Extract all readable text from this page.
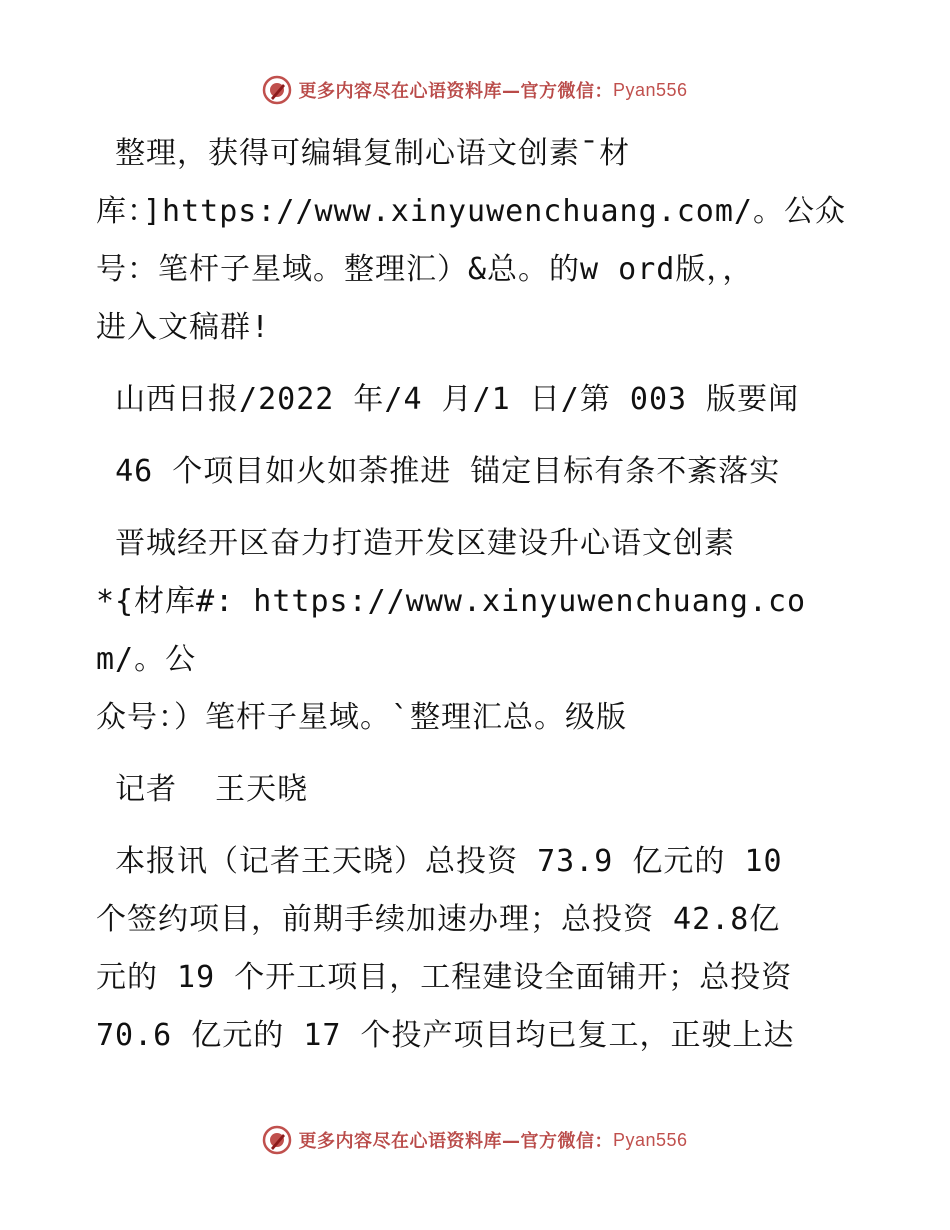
更多内容尽在心语资料库—官方微信： Pyan556

整理，获得可编辑复制心语文创素¯材
库：]https://www.xinyuwenchuang.com/。公众
号：笔杆子星域。整理汇）&总。的w ord版，，
进入文稿群!

山西日报/2022 年/4 月/1 日/第 003 版要闻

46 个项目如火如荼推进 锚定目标有条不紊落实

晋城经开区奋力打造开发区建设升心语文创素
*{材库#: https://www.xinyuwenchuang.com/。公
众号：）笔杆子星域。`整理汇总。级版

记者  王天晓

本报讯（记者王天晓）总投资 73.9 亿元的 10
个签约项目，前期手续加速办理；总投资 42.8亿
元的 19 个开工项目，工程建设全面铺开；总投资
70.6 亿元的 17 个投产项目均已复工，正驶上达

更多内容尽在心语资料库—官方微信： Pyan556
